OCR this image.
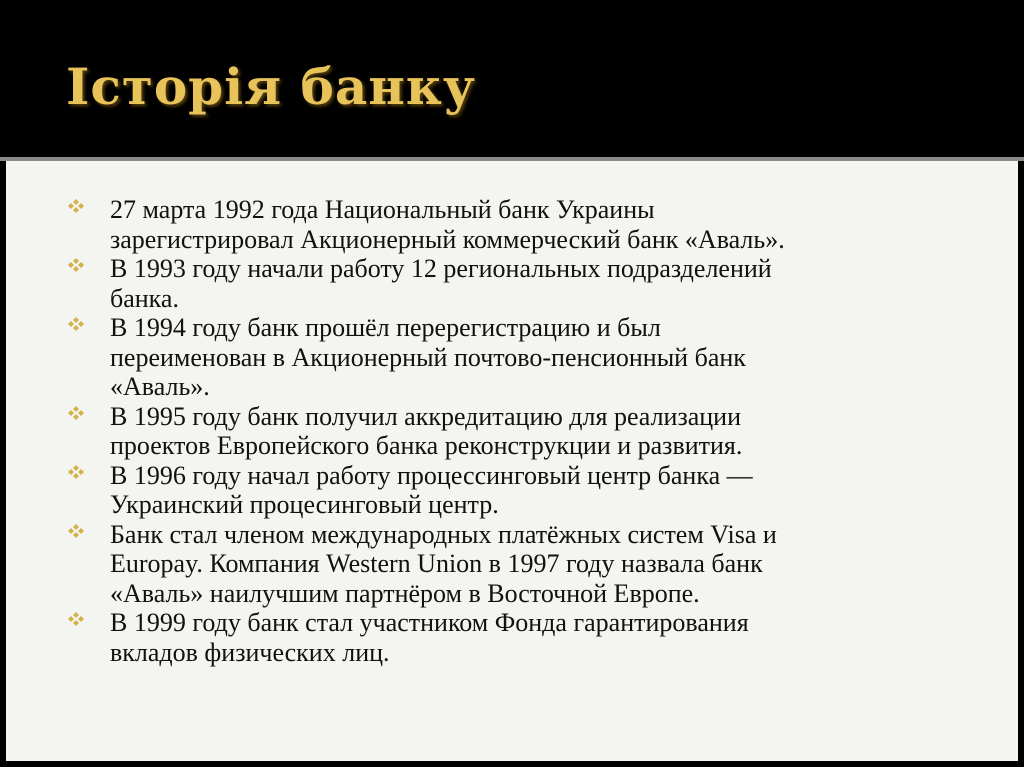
Історія банку
27 марта 1992 года Национальный банк Украины
зарегистрировал Акционерный коммерческий банк «Аваль».
В 1993 году начали работу 12 региональных подразделений
банка.
В 1994 году банк прошёл перерегистрацию и был
переименован в Акционерный почтово-пенсионный банк
«Аваль».
В 1995 году банк получил аккредитацию для реализации
проектов Европейского банка реконструкции и развития.
В 1996 году начал работу процессинговый центр банка —
Украинский процесинговый центр.
Банк стал членом международных платёжных систем Visa и
Europay. Компания Western Union в 1997 году назвала банк
«Аваль» наилучшим партнёром в Восточной Европе.
В 1999 году банк стал участником Фонда гарантирования
вкладов физических лиц.
